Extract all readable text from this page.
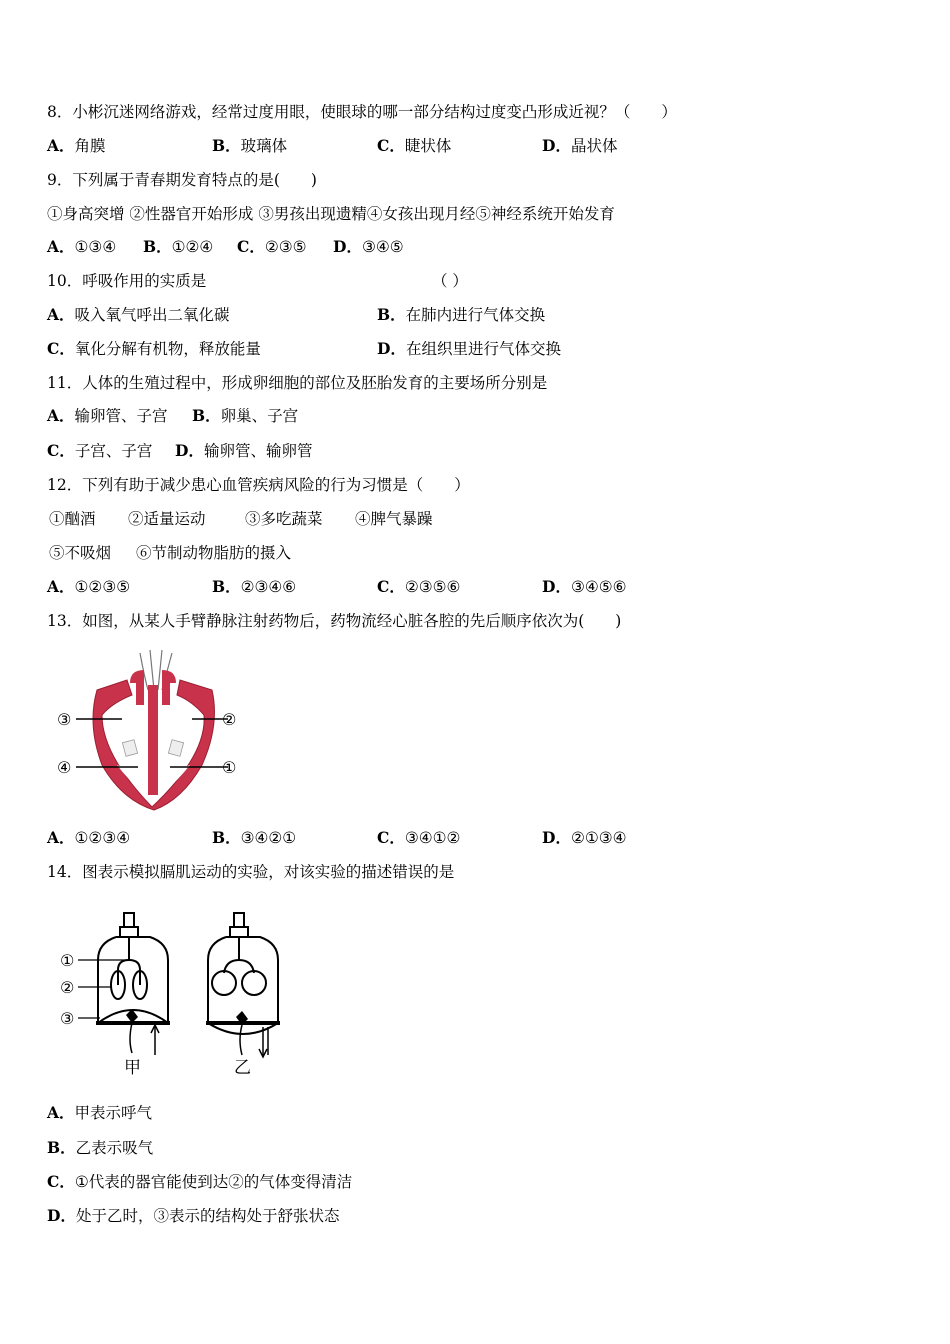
8．小彬沉迷网络游戏，经常过度用眼，使眼球的哪一部分结构过度变凸形成近视？（　　）
A．角膜	B．玻璃体	C．睫状体	D．晶状体
9．下列属于青春期发育特点的是(　　)
①身高突增 ②性器官开始形成 ③男孩出现遗精④女孩出现月经⑤神经系统开始发育
A．①③④ B．①②④ C．②③⑤ D．③④⑤
10．呼吸作用的实质是	（ ）
A．吸入氧气呼出二氧化碳	B．在肺内进行气体交换
C．氧化分解有机物，释放能量	D．在组织里进行气体交换
11．人体的生殖过程中，形成卵细胞的部位及胚胎发育的主要场所分别是
A．输卵管、子宫 B．卵巢、子宫
C．子宫、子宫 D．输卵管、输卵管
12．下列有助于减少患心血管疾病风险的行为习惯是（　　）
①酗酒 ②适量运动	③多吃蔬菜 ④脾气暴躁
⑤不吸烟 ⑥节制动物脂肪的摄入
A．①②③⑤	B．②③④⑥	C．②③⑤⑥	D．③④⑤⑥
13．如图，从某人手臂静脉注射药物后，药物流经心脏各腔的先后顺序依次为(　　)
③	②
④	①
A．①②③④	B．③④②①	C．③④①②	D．②①③④
14．图表示模拟膈肌运动的实验，对该实验的描述错误的是
①
②
③
甲	乙
A．甲表示呼气
B．乙表示吸气
C．①代表的器官能使到达②的气体变得清洁
D．处于乙时，③表示的结构处于舒张状态
